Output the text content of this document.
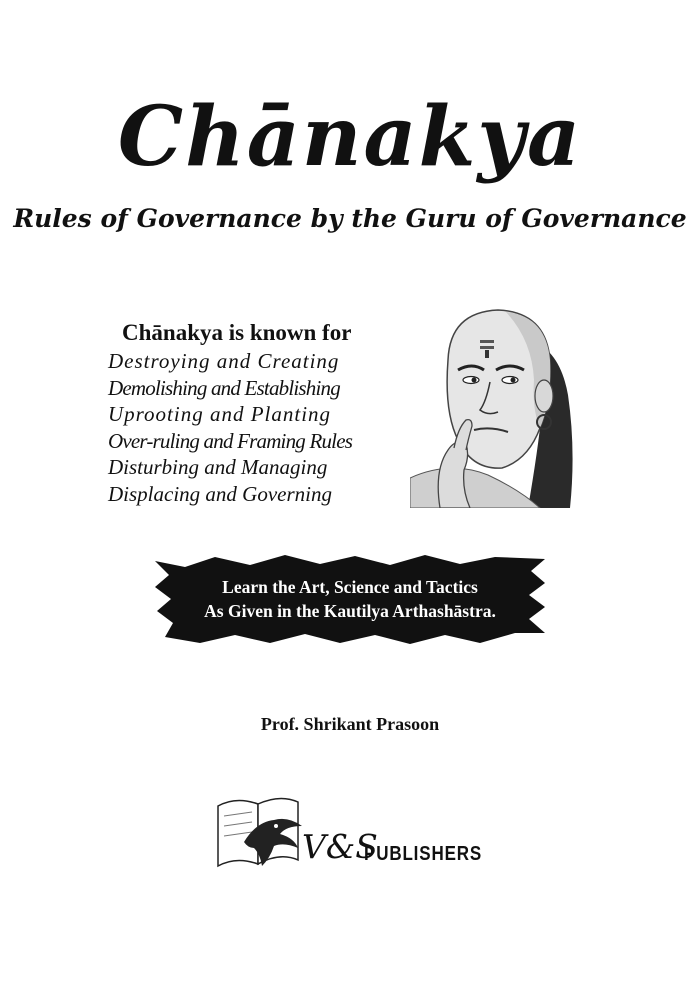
Chānakya
Rules of Governance by the Guru of Governance
Chānakya is known for
Destroying and Creating
Demolishing and Establishing
Uprooting and Planting
Over-ruling and Framing Rules
Disturbing and Managing
Displacing and Governing
Learn the Art, Science and Tactics
As Given in the Kautilya Arthashāstra.
Prof. Shrikant Prasoon
V&S
PUBLISHERS
